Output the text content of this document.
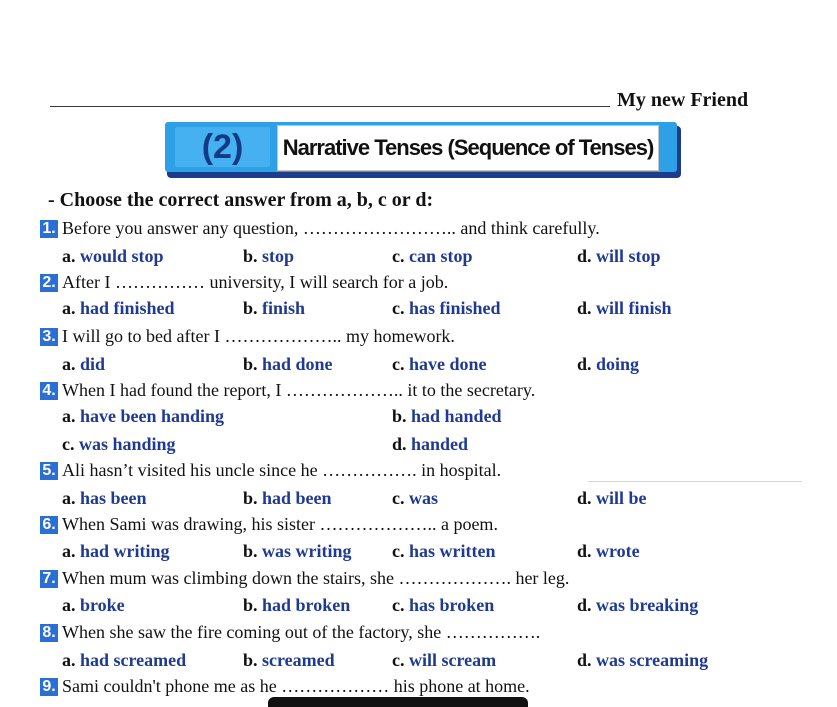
My new Friend
(2)	Narrative Tenses (Sequence of Tenses)
- Choose the correct answer from a, b, c or d:
1. Before you answer any question, …………………….. and think carefully.
a. would stop	b. stop	c. can stop	d. will stop
2. After I …………… university, I will search for a job.
a. had finished	b. finish	c. has finished	d. will finish
3. I will go to bed after I ……………….. my homework.
a. did	b. had done	c. have done	d. doing
4. When I had found the report, I ……………….. it to the secretary.
a. have been handing	b. had handed
c. was handing	d. handed
5. Ali hasn’t visited his uncle since he ……………. in hospital.
a. has been	b. had been	c. was	d. will be
6. When Sami was drawing, his sister ……………….. a poem.
a. had writing	b. was writing c. has written	d. wrote
7. When mum was climbing down the stairs, she ………………. her leg.
a. broke	b. had broken c. has broken	d. was breaking
8. When she saw the fire coming out of the factory, she …………….
a. had screamed	b. screamed	c. will scream	d. was screaming
9. Sami couldn't phone me as he ……………… his phone at home.
